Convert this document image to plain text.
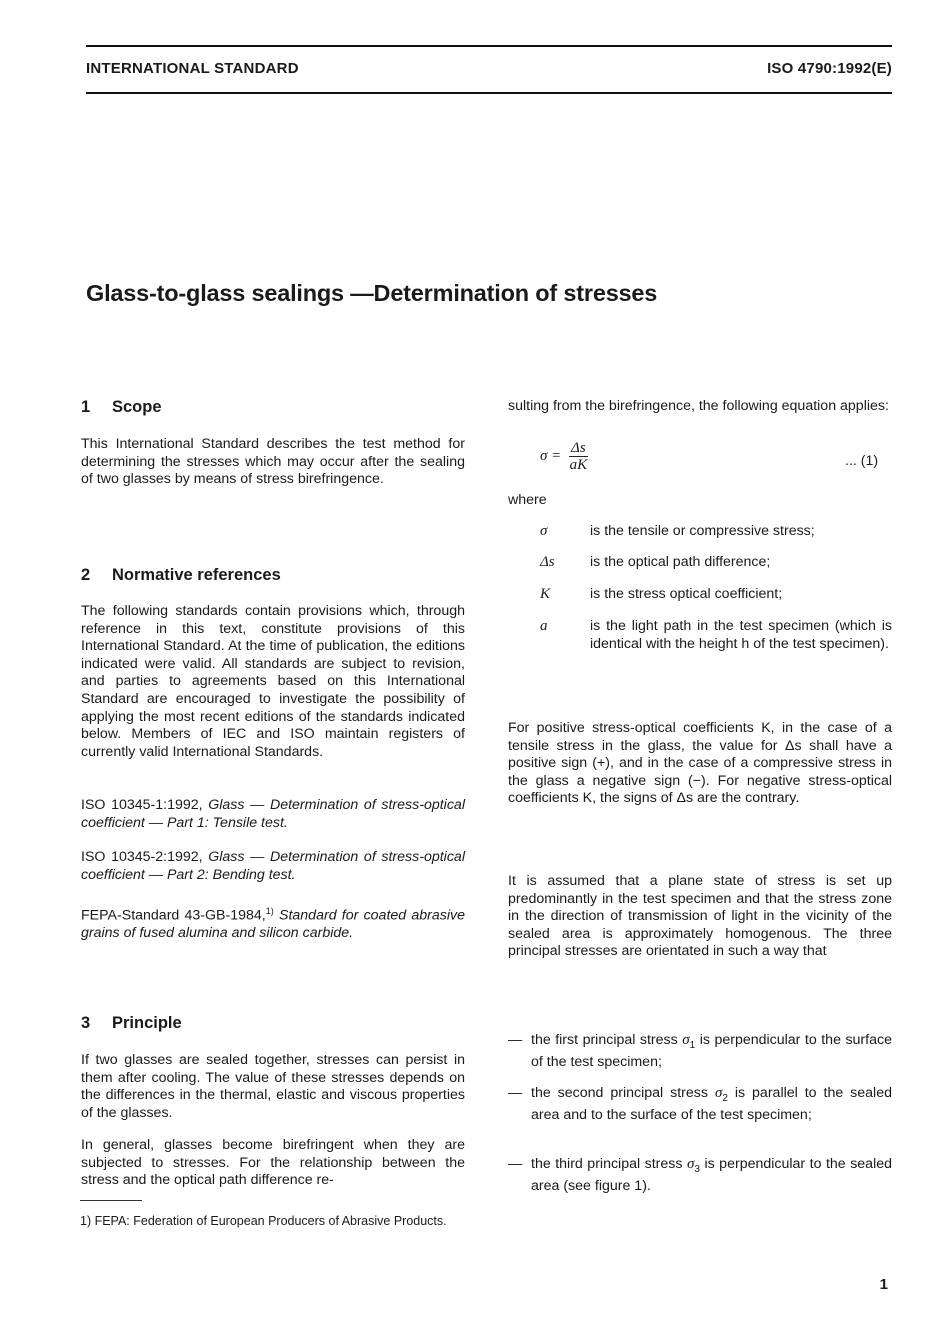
INTERNATIONAL STANDARD	ISO 4790:1992(E)
Glass-to-glass sealings —Determination of stresses
1 Scope

This International Standard describes the test method for determining the stresses which may occur after the sealing of two glasses by means of stress birefringence.

2 Normative references

The following standards contain provisions which, through reference in this text, constitute provisions of this International Standard. At the time of publication, the editions indicated were valid. All standards are subject to revision, and parties to agreements based on this International Standard are encouraged to investigate the possibility of applying the most recent editions of the standards indicated below. Members of IEC and ISO maintain registers of currently valid International Standards.

ISO 10345-1:1992, Glass — Determination of stress-optical coefficient — Part 1: Tensile test.

ISO 10345-2:1992, Glass — Determination of stress-optical coefficient — Part 2: Bending test.

FEPA-Standard 43-GB-1984,$^{1)}$ Standard for coated abrasive grains of fused alumina and silicon carbide.

3 Principle

If two glasses are sealed together, stresses can persist in them after cooling. The value of these stresses depends on the differences in the thermal, elastic and viscous properties of the glasses.

In general, glasses become birefringent when they are subjected to stresses. For the relationship between the stress and the optical path difference re-

sulting from the birefringence, the following equation applies:

$\sigma = \frac{\Delta s}{aK}$	... (1)

where

σ	is the tensile or compressive stress;
Δs is the optical path difference;
K	is the stress optical coefficient;
a	is the light path in the test specimen (which is identical with the height h of the test specimen).

For positive stress-optical coefficients K, in the case of a tensile stress in the glass, the value for Δs shall have a positive sign (+), and in the case of a compressive stress in the glass a negative sign (−). For negative stress-optical coefficients K, the signs of Δs are the contrary.

It is assumed that a plane state of stress is set up predominantly in the test specimen and that the stress zone in the direction of transmission of light in the vicinity of the sealed area is approximately homogenous. The three principal stresses are orientated in such a way that

— the first principal stress $\sigma_1$ is perpendicular to the surface of the test specimen;
— the second principal stress $\sigma_2$ is parallel to the sealed area and to the surface of the test specimen;
— the third principal stress $\sigma_3$ is perpendicular to the sealed area (see figure 1).
1) FEPA: Federation of European Producers of Abrasive Products.
1
